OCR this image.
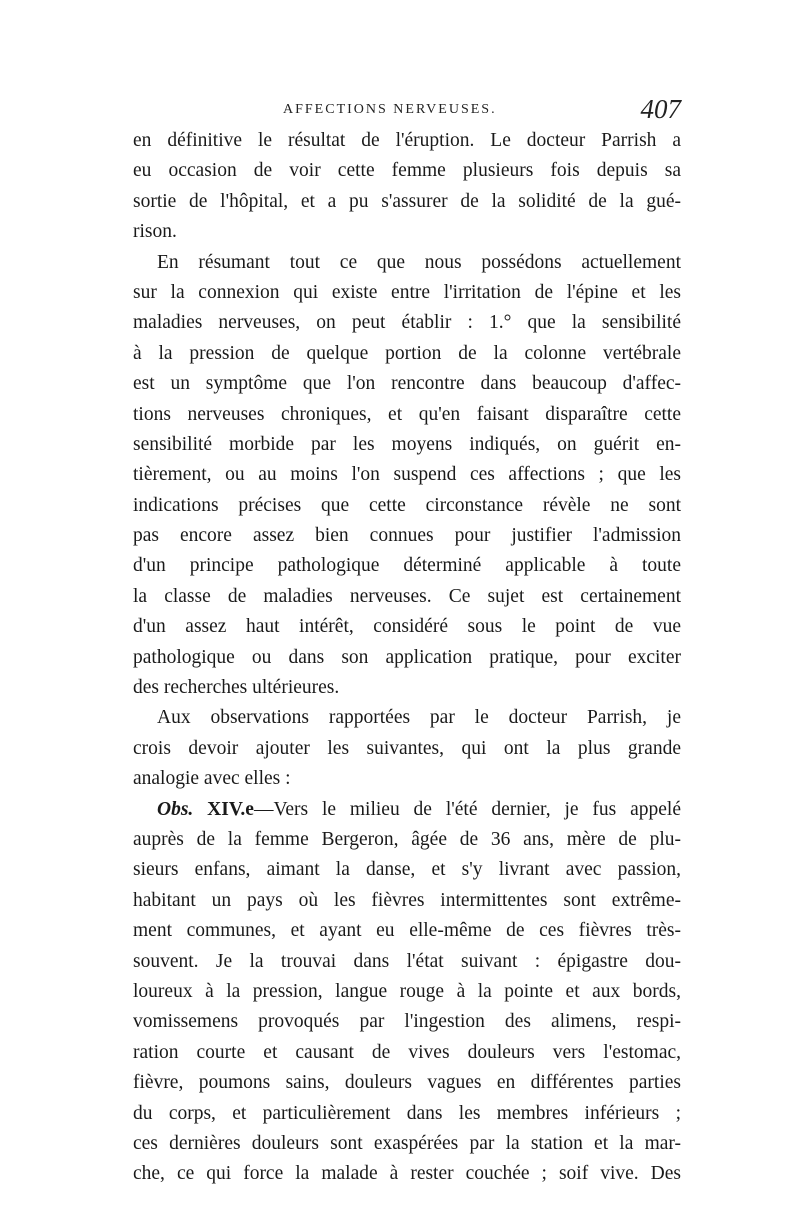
AFFECTIONS NERVEUSES.	407
en définitive le résultat de l'éruption. Le docteur Parrish a
eu occasion de voir cette femme plusieurs fois depuis sa
sortie de l'hôpital, et a pu s'assurer de la solidité de la gué-
rison.
En résumant tout ce que nous possédons actuellement
sur la connexion qui existe entre l'irritation de l'épine et les
maladies nerveuses, on peut établir : 1.° que la sensibilité
à la pression de quelque portion de la colonne vertébrale
est un symptôme que l'on rencontre dans beaucoup d'affec-
tions nerveuses chroniques, et qu'en faisant disparaître cette
sensibilité morbide par les moyens indiqués, on guérit en-
tièrement, ou au moins l'on suspend ces affections ; que les
indications précises que cette circonstance révèle ne sont
pas encore assez bien connues pour justifier l'admission
d'un principe pathologique déterminé applicable à toute
la classe de maladies nerveuses. Ce sujet est certainement
d'un assez haut intérêt, considéré sous le point de vue
pathologique ou dans son application pratique, pour exciter
des recherches ultérieures.
Aux observations rapportées par le docteur Parrish, je
crois devoir ajouter les suivantes, qui ont la plus grande
analogie avec elles :
Obs. XIV.e—Vers le milieu de l'été dernier, je fus appelé
auprès de la femme Bergeron, âgée de 36 ans, mère de plu-
sieurs enfans, aimant la danse, et s'y livrant avec passion,
habitant un pays où les fièvres intermittentes sont extrême-
ment communes, et ayant eu elle-même de ces fièvres très-
souvent. Je la trouvai dans l'état suivant : épigastre dou-
loureux à la pression, langue rouge à la pointe et aux bords,
vomissemens provoqués par l'ingestion des alimens, respi-
ration courte et causant de vives douleurs vers l'estomac,
fièvre, poumons sains, douleurs vagues en différentes parties
du corps, et particulièrement dans les membres inférieurs ;
ces dernières douleurs sont exaspérées par la station et la mar-
che, ce qui force la malade à rester couchée ; soif vive. Des
